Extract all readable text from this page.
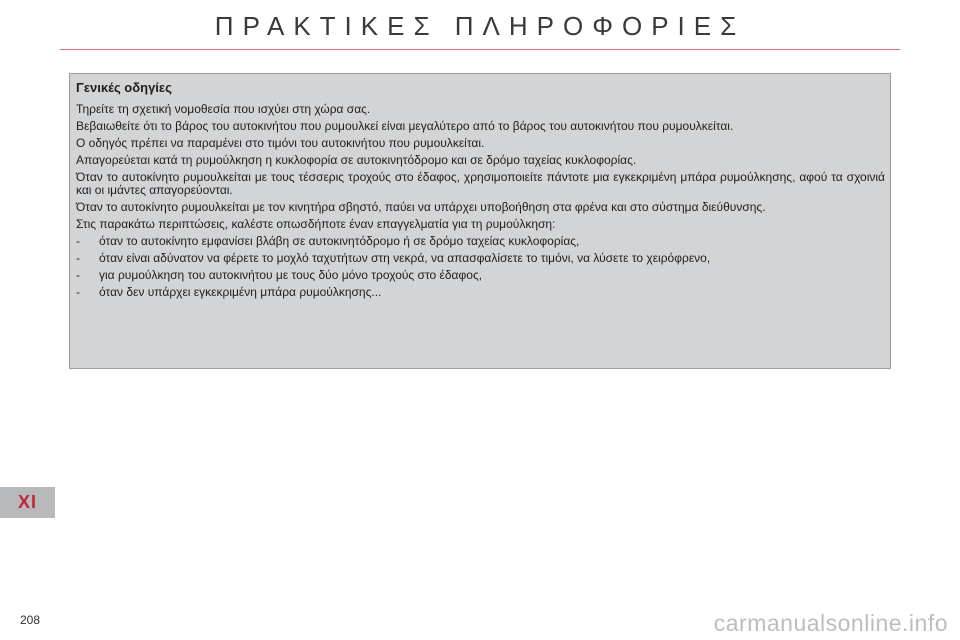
ΠΡΑΚΤΙΚΕΣ ΠΛΗΡΟΦΟΡΙΕΣ
Γενικές οδηγίες

Τηρείτε τη σχετική νομοθεσία που ισχύει στη χώρα σας.

Βεβαιωθείτε ότι το βάρος του αυτοκινήτου που ρυμουλκεί είναι μεγαλύτερο από το βάρος του αυτοκινήτου που ρυμουλκείται.

Ο οδηγός πρέπει να παραμένει στο τιμόνι του αυτοκινήτου που ρυμουλκείται.

Απαγορεύεται κατά τη ρυμούλκηση η κυκλοφορία σε αυτοκινητόδρομο και σε δρόμο ταχείας κυκλοφορίας.

Όταν το αυτοκίνητο ρυμουλκείται με τους τέσσερις τροχούς στο έδαφος, χρησιμοποιείτε πάντοτε μια εγκεκριμένη μπάρα ρυμούλκησης, αφού τα σχοινιά και οι ιμάντες απαγορεύονται.

Όταν το αυτοκίνητο ρυμουλκείται με τον κινητήρα σβηστό, παύει να υπάρχει υποβοήθηση στα φρένα και στο σύστημα διεύθυνσης.

Στις παρακάτω περιπτώσεις, καλέστε οπωσδήποτε έναν επαγγελματία για τη ρυμούλκηση:

-	όταν το αυτοκίνητο εμφανίσει βλάβη σε αυτοκινητόδρομο ή σε δρόμο ταχείας κυκλοφορίας,
-	όταν είναι αδύνατον να φέρετε το μοχλό ταχυτήτων στη νεκρά, να απασφαλίσετε το τιμόνι, να λύσετε το χειρόφρενο,
-	για ρυμούλκηση του αυτοκινήτου με τους δύο μόνο τροχούς στο έδαφος,
-	όταν δεν υπάρχει εγκεκριμένη μπάρα ρυμούλκησης...
XI
208	carmanualsonline.info
